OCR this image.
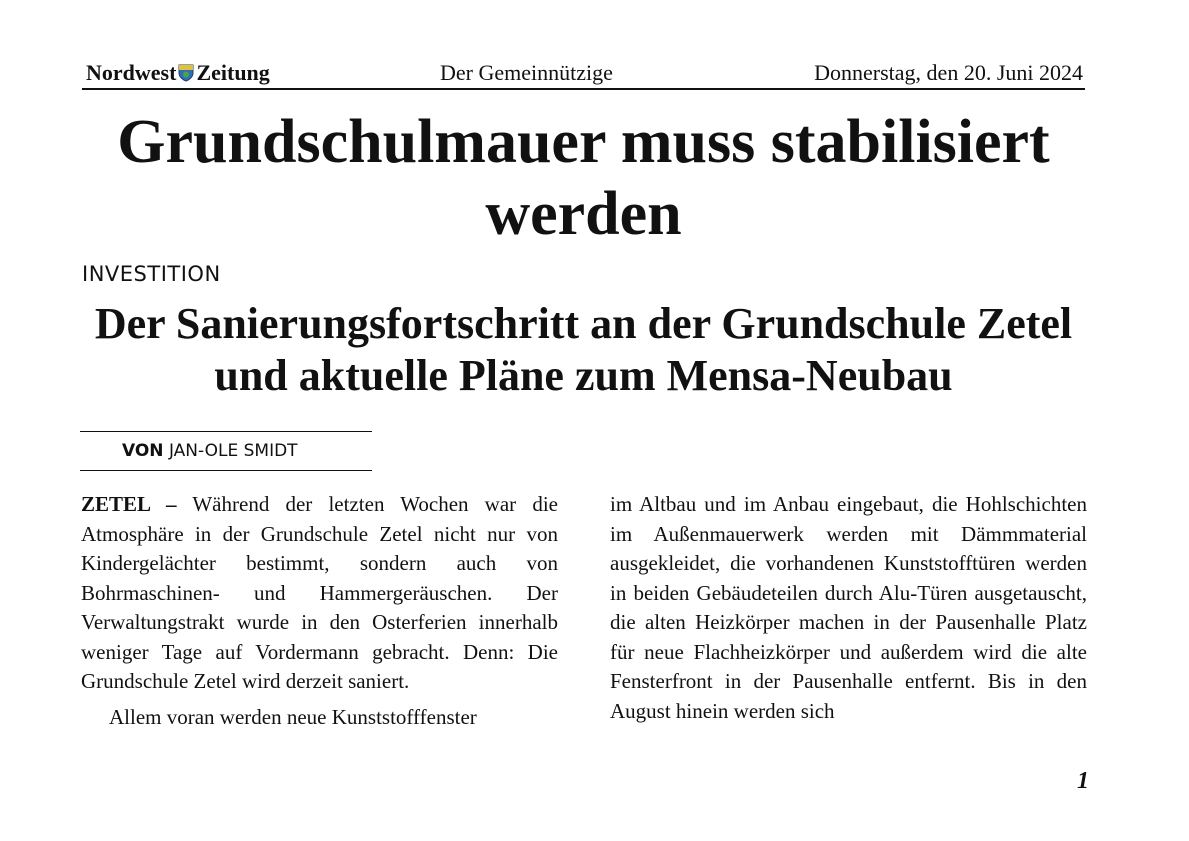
Nordwest Zeitung	Der Gemeinnützige	Donnerstag, den 20. Juni 2024
Grundschulmauer muss stabilisiert werden
INVESTITION
Der Sanierungsfortschritt an der Grundschule Zetel und aktuelle Pläne zum Mensa-Neubau
VON JAN-OLE SMIDT

ZETEL – Während der letzten Wochen war die Atmosphäre in der Grundschule Zetel nicht nur von Kindergelächter bestimmt, sondern auch von Bohrmaschinen- und Hammergeräuschen. Der Verwaltungstrakt wurde in den Osterferien innerhalb weniger Tage auf Vordermann gebracht. Denn: Die Grundschule Zetel wird derzeit saniert.

Allem voran werden neue Kunststofffenster

im Altbau und im Anbau eingebaut, die Hohlschichten im Außenmauerwerk werden mit Dämmmaterial ausgekleidet, die vorhandenen Kunststofftüren werden in beiden Gebäudeteilen durch Alu-Türen ausgetauscht, die alten Heizkörper machen in der Pausenhalle Platz für neue Flachheizkörper und außerdem wird die alte Fensterfront in der Pausenhalle entfernt. Bis in den August hinein werden sich

1
